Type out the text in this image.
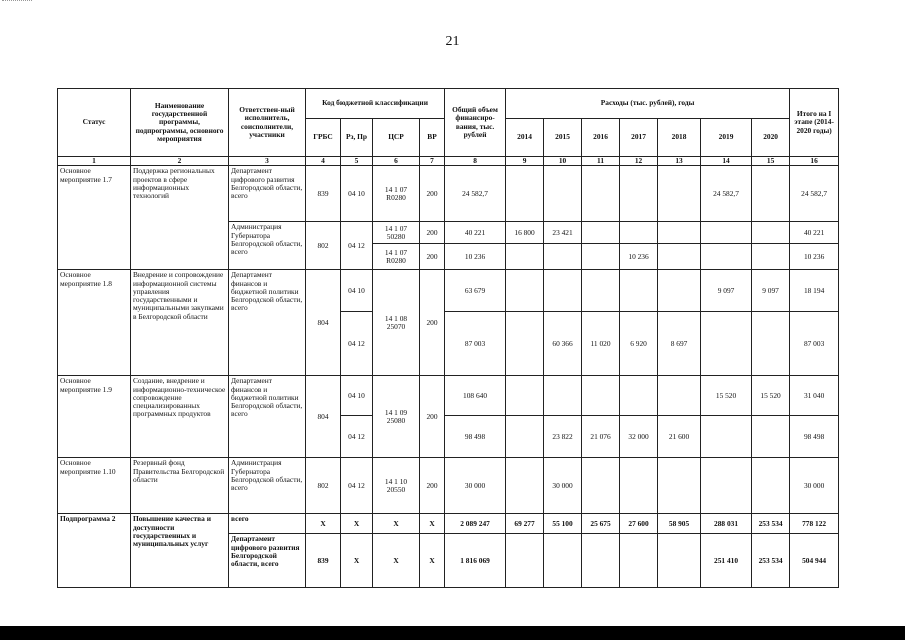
21
Статус	Наименование государственной программы, подпрограммы, основного мероприятия	Ответствен-ный исполнитель, соисполнители, участники	Код бюджетной классификации				Общий объем финансиро-вания, тыс. рублей	Расходы (тыс. рублей), годы							Итого на I этапе (2014-2020 годы)
			ГРБС	Рз, Пр	ЦСР	ВР		2014	2015	2016	2017	2018	2019	2020	
1	2	3	4	5	6	7	8	9	10	11	12	13	14	15	16
Основное мероприятие 1.7	Поддержка региональных проектов в сфере информационных технологий	Департамент цифрового развития Белгородской области, всего	839	04 10	14 1 07 R0280	200	24 582,7						24 582,7		24 582,7
		Администрация Губернатора Белгородской области, всего	802	04 12	14 1 07 50280	200	40 221	16 800	23 421						40 221
					14 1 07 R0280	200	10 236				10 236				10 236
Основное мероприятие 1.8	Внедрение и сопровождение информационной системы управления государственными и муниципальными закупками в Белгородской области	Департамент финансов и бюджетной политики Белгородской области, всего	804	04 10	14 1 08 25070	200	63 679						9 097	9 097	18 194
				04 12			87 003		60 366	11 020	6 920	8 697			87 003
Основное мероприятие 1.9	Создание, внедрение и информационно-техническое сопровождение специализированных программных продуктов	Департамент финансов и бюджетной политики Белгородской области, всего	804	04 10	14 1 09 25080	200	108 640						15 520	15 520	31 040
				04 12			98 498		23 822	21 076	32 000	21 600			98 498
Основное мероприятие 1.10	Резервный фонд Правительства Белгородской области	Администрация Губернатора Белгородской области, всего	802	04 12	14 1 10 20550	200	30 000		30 000						30 000
Подпрограмма 2	Повышение качества и доступности государственных и муниципальных услуг	всего	Х	Х	Х	Х	2 089 247	69 277	55 100	25 675	27 600	58 905	288 031	253 534	778 122
		Департамент цифрового развития Белгородской области, всего	839	Х	Х	Х	1 816 069						251 410	253 534	504 944
